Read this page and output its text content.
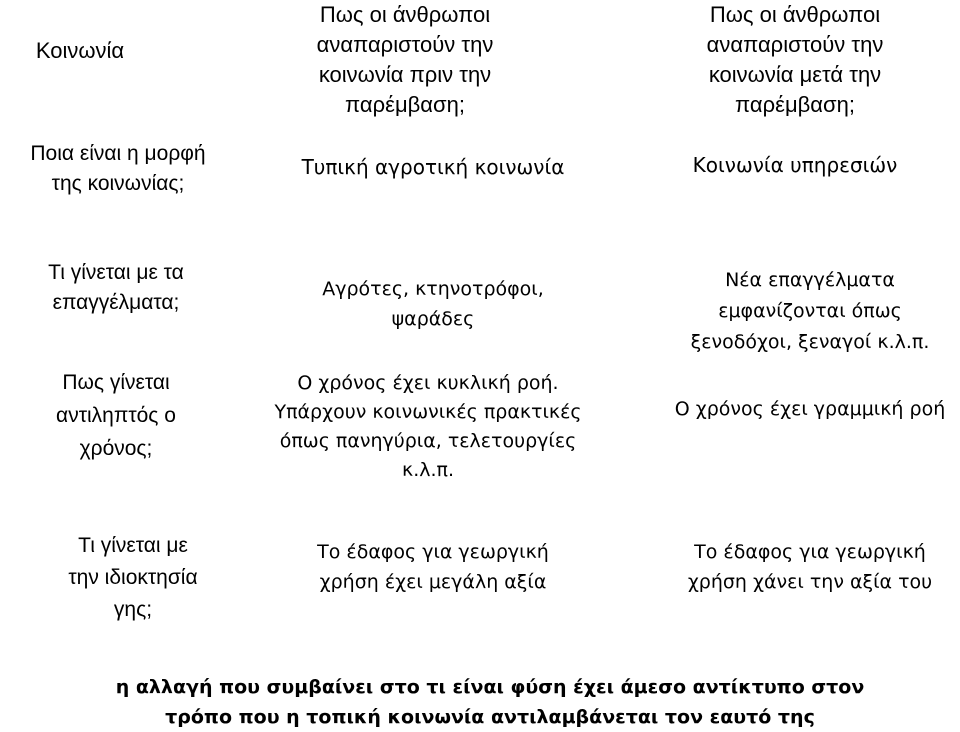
Κοινωνία
Πως οι άνθρωποι
αναπαριστούν την
κοινωνία πριν την
παρέμβαση;
Πως οι άνθρωποι
αναπαριστούν την
κοινωνία μετά την
παρέμβαση;
Ποια είναι η μορφή
της κοινωνίας;
Τυπική αγροτική κοινωνία	Κοινωνία υπηρεσιών
Τι γίνεται με τα
επαγγέλματα;
Αγρότες, κτηνοτρόφοι,
ψαράδες
Νέα επαγγέλματα
εμφανίζονται όπως
ξενοδόχοι, ξεναγοί κ.λ.π.
Πως γίνεται
αντιληπτός ο
χρόνος;
Ο χρόνος έχει κυκλική ροή.
Υπάρχουν κοινωνικές πρακτικές
όπως πανηγύρια, τελετουργίες
κ.λ.π.
Ο χρόνος έχει γραμμική ροή
Τι γίνεται με
την ιδιοκτησία
γης;
Το έδαφος για γεωργική
χρήση έχει μεγάλη αξία
Το έδαφος για γεωργική
χρήση χάνει την αξία του
η αλλαγή που συμβαίνει στο τι είναι φύση έχει άμεσο αντίκτυπο στον
τρόπο που η τοπική κοινωνία αντιλαμβάνεται τον εαυτό της
